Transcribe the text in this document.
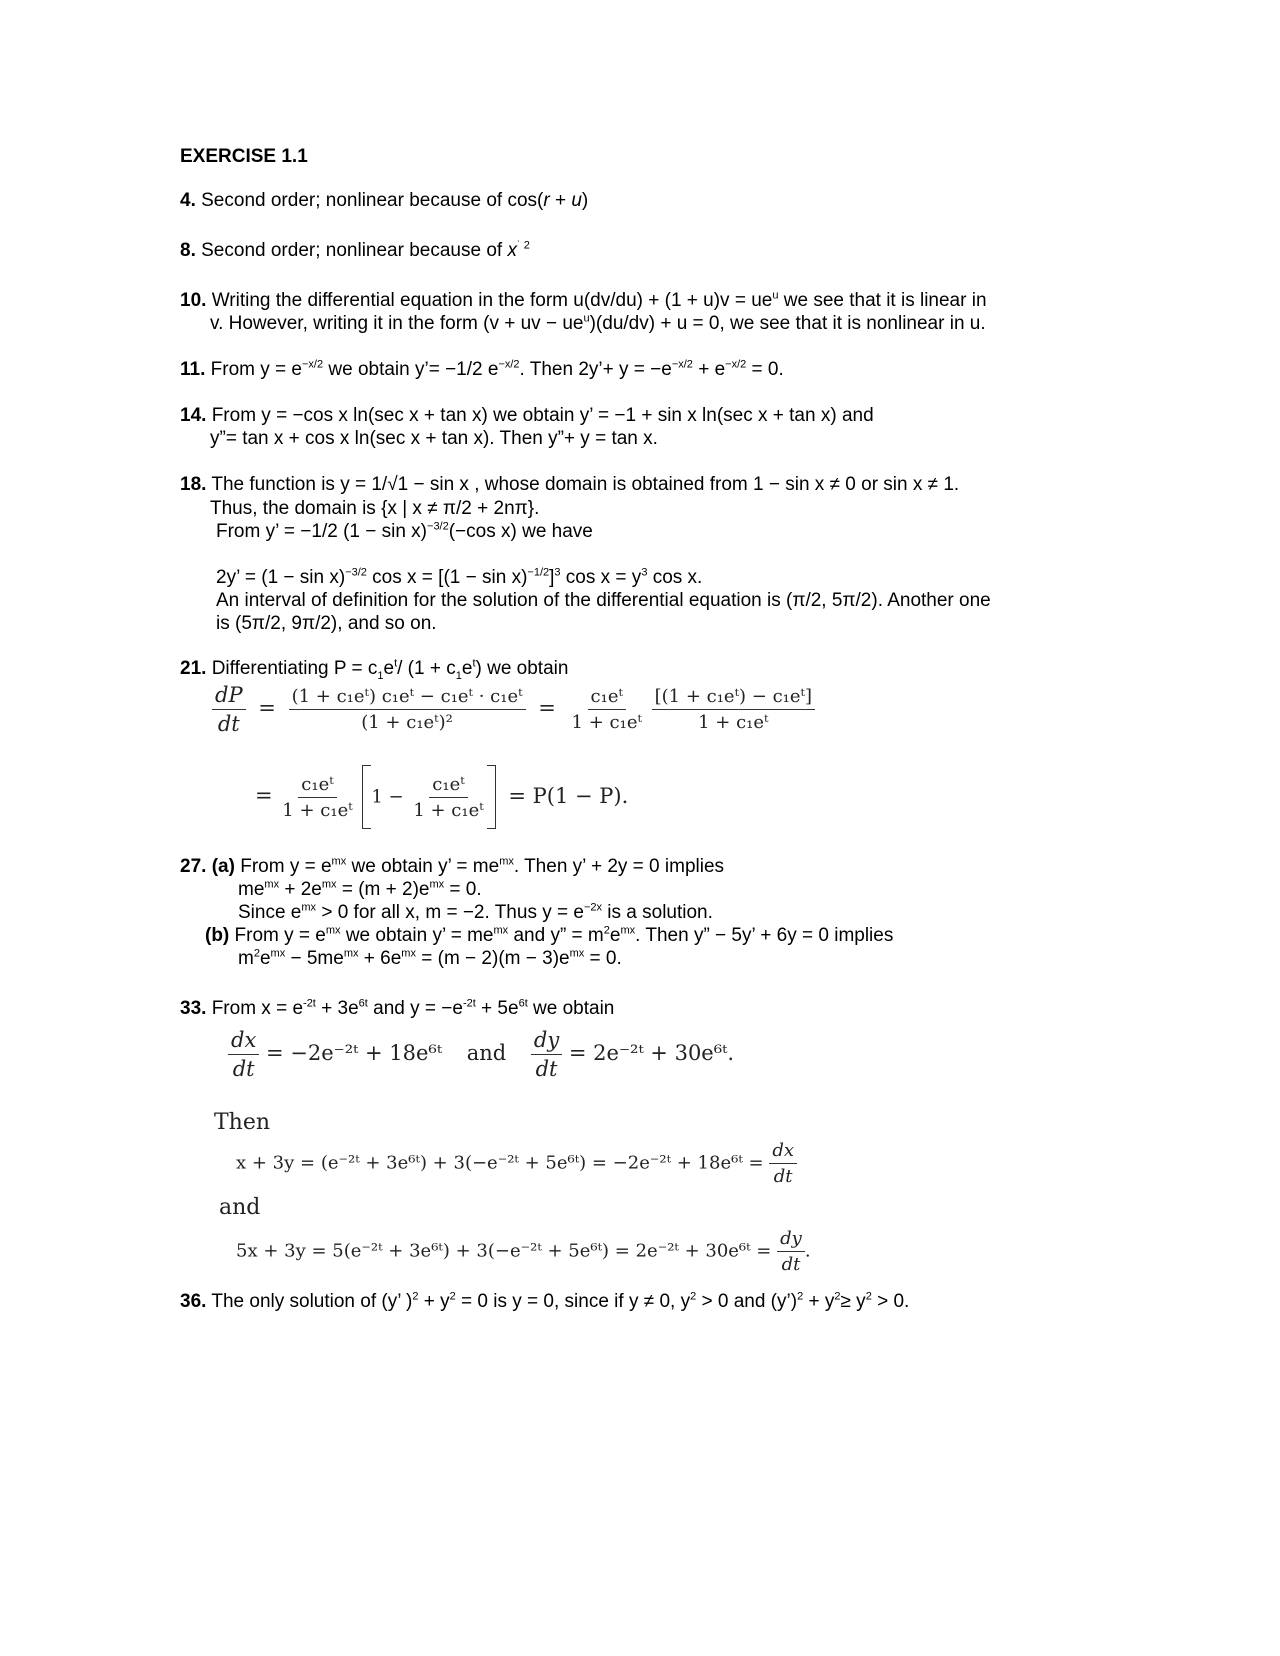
EXERCISE 1.1
4. Second order; nonlinear because of cos(r + u)
8. Second order; nonlinear because of x˙ $^2$
10. Writing the differential equation in the form $u(dv/du) + (1 + u)v = ue^u$ we see that it is linear in
v. However, writing it in the form (v + uv − $ue^u)(du/dv) + u = 0$, we see that it is nonlinear in u.
11. From $y = e^{-x/2}$ we obtain y’= −1/2 $e^{-x/2}$. Then 2y’+ $y = -e^{-x/2} + e^{-x/2} = 0$.
14. From y = −cos x ln(sec x + tan x) we obtain y’ = −1 + sin x ln(sec x + tan x) and
y”= tan x + cos x ln(sec x + tan x). Then y”+ y = tan x.
18. The function is y = 1/√1 − sin x , whose domain is obtained from 1 − sin x ≠ 0 or sin x ≠ 1.
Thus, the domain is {x | x ≠ π/2 + 2nπ}.
From y’ = −1/2 $(1 - \sin x)^{-3/2}(-\cos$ x) we have
2y’ = $(1 - \sin x)^{-3/2}$ $\cos x = [(1 - \sin x)^{-1/2}]^3$ $\cos x = y^3$ cos x.
An interval of definition for the solution of the differential equation is (π/2, 5π/2). Another one
is (5π/2, 9π/2), and so on.
21. Differentiating $P = c_1e^t/$ $(1 + c_1e^t)$ we obtain
$\frac{dP}{dt} = \frac{\text{(1 + c₁eᵗ) c₁eᵗ − c₁eᵗ · c₁eᵗ}}{\text{(1 + c₁eᵗ)²}} = \frac{\text{c₁eᵗ}}{\text{1 + c₁eᵗ}}$
$\frac{\text{[(1 + c₁eᵗ) − c₁eᵗ]}}{\text{1 + c₁eᵗ}}$
= $\frac{\text{c₁eᵗ}}{\text{1 + c₁eᵗ}} 1 - \frac{\text{c₁eᵗ}}{\text{1 + c₁eᵗ}} = P(1 - P)$.
27. (a) From $y = e^{mx}$ we obtain y’ = $me^{mx}$. Then y’ + 2y = 0 implies
$me^{mx} + 2e^{mx} = (m + 2)e^{mx} = 0$.
Since $e^{mx} > 0$ for all x, m = −2. Thus $y = e^{-2x}$ is a solution.
(b) From $y = e^{mx}$ we obtain y’ = $me^{mx}$ and y” = $m^2e^{mx}$. Then y” − 5y’ + 6y = 0 implies
$m^2e^{mx} - 5me^{mx} + 6e^{mx} = (m - 2)(m - 3)e^{mx} = 0$.
33. From $x = e^{-2t} + 3e^{6t}$ and $y = -e^{-2t} + 5e^{6t}$ we obtain
$\frac{dx}{dt}$ = −2e⁻²ᵗ + 18e⁶ᵗ and $\frac{dy}{dt}$ = 2e⁻²ᵗ + 30e⁶ᵗ.
Then
x + 3y = (e⁻²ᵗ + 3e⁶ᵗ) + 3(−e⁻²ᵗ + 5e⁶ᵗ) = −2e⁻²ᵗ + 18e⁶ᵗ = $\frac{dx}{dt}$
and
5x + 3y = 5(e⁻²ᵗ + 3e⁶ᵗ) + 3(−e⁻²ᵗ + 5e⁶ᵗ) = 2e⁻²ᵗ + 30e⁶ᵗ = $\frac{dy}{dt}$ .
36. The only solution of (y’ )$^2 + y^2 = 0$ is y = 0, since if y ≠ 0, $y^2 > 0$ and (y’)$^2$ + $y^2\ge y^2 > 0$.
